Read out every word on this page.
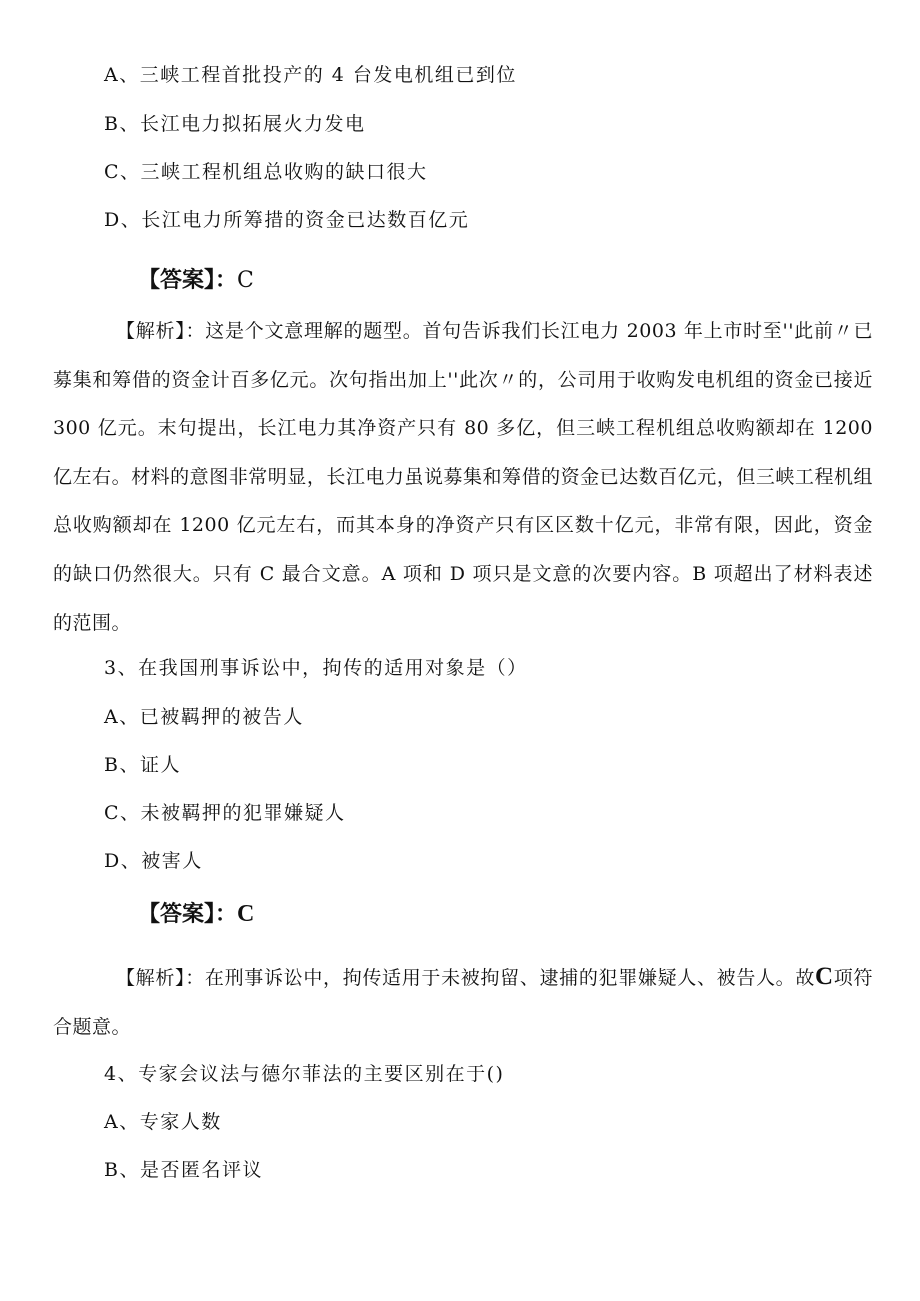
A、三峡工程首批投产的 4 台发电机组已到位
B、长江电力拟拓展火力发电
C、三峡工程机组总收购的缺口很大
D、长江电力所筹措的资金已达数百亿元
【答案】：C

【解析】：这是个文意理解的题型。首句告诉我们长江电力 2003 年上市时至''此前〃已募集和筹借的资金计百多亿元。次句指出加上''此次〃的，公司用于收购发电机组的资金已接近 300 亿元。末句提出，长江电力其净资产只有 80 多亿，但三峡工程机组总收购额却在 1200 亿左右。材料的意图非常明显，长江电力虽说募集和筹借的资金已达数百亿元，但三峡工程机组总收购额却在 1200 亿元左右，而其本身的净资产只有区区数十亿元，非常有限，因此，资金的缺口仍然很大。只有 C 最合文意。A 项和 D 项只是文意的次要内容。B 项超出了材料表述的范围。

3、在我国刑事诉讼中，拘传的适用对象是（）
A、已被羁押的被告人
B、证人
C、未被羁押的犯罪嫌疑人
D、被害人
【答案】：C

【解析】：在刑事诉讼中，拘传适用于未被拘留、逮捕的犯罪嫌疑人、被告人。故C项符合题意。

4、专家会议法与德尔菲法的主要区别在于()
A、专家人数
B、是否匿名评议
